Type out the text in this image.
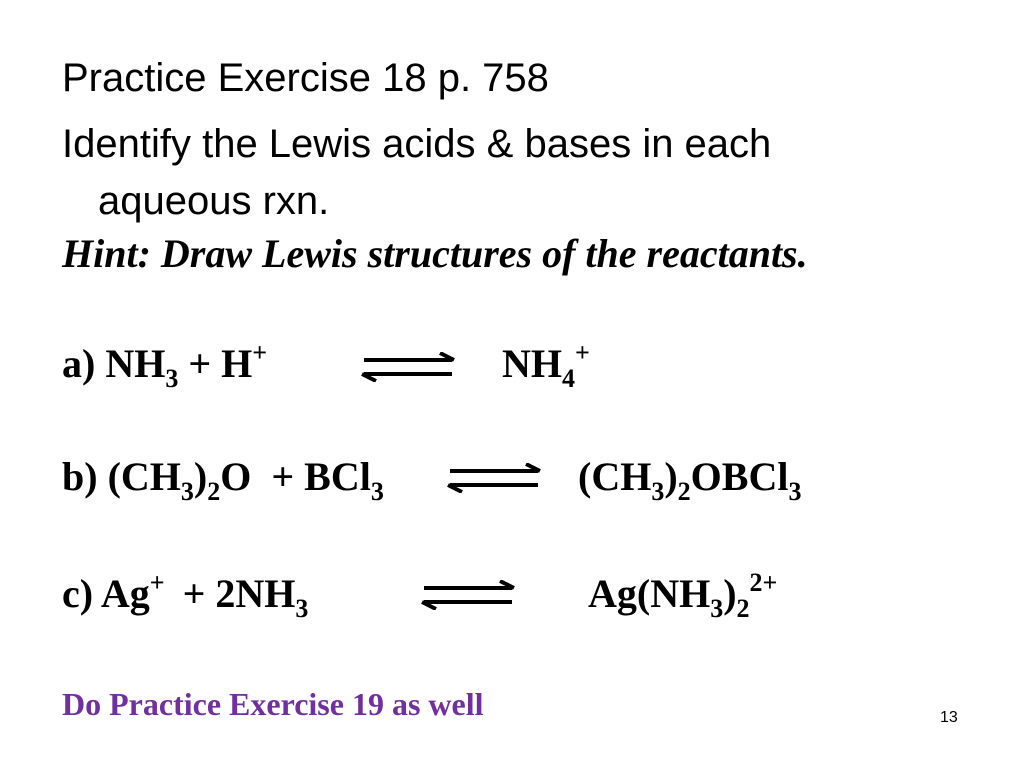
Practice Exercise 18 p. 758
Identify the Lewis acids & bases in each
aqueous rxn.
Hint: Draw Lewis structures of the reactants.
a) $NH_3 + H^+$	$NH_4^+$
b) $(CH_3)_2O + BCl_3$	$(CH_3)_2OBCl_3$
c) $Ag^+ + 2NH_3$	$Ag(NH_3)_2^{2+}$
Do Practice Exercise 19 as well	13
